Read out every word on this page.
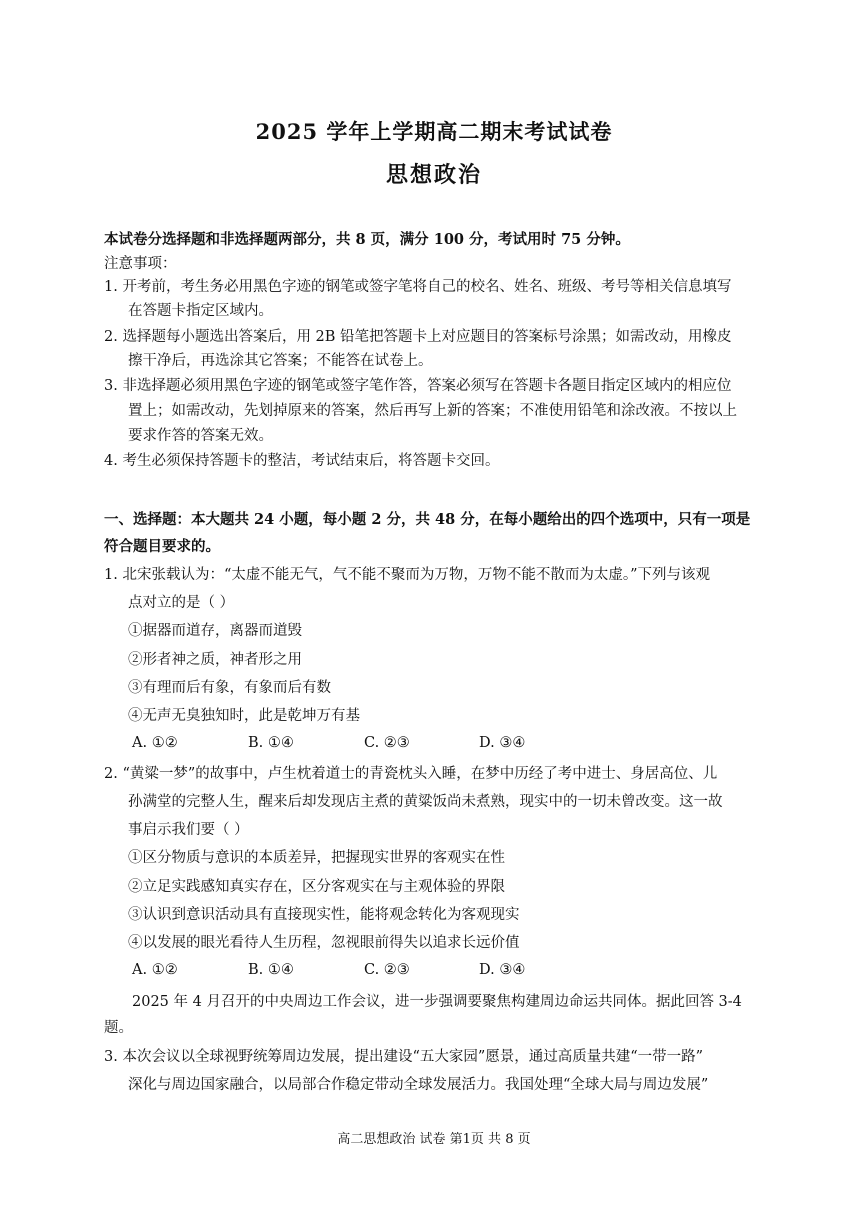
2025 学年上学期高二期末考试试卷
思想政治
本试卷分选择题和非选择题两部分，共 8 页，满分 100 分，考试用时 75 分钟。
注意事项：
1. 开考前，考生务必用黑色字迹的钢笔或签字笔将自己的校名、姓名、班级、考号等相关信息填写
在答题卡指定区域内。
2. 选择题每小题选出答案后，用 2B 铅笔把答题卡上对应题目的答案标号涂黑；如需改动，用橡皮
擦干净后，再选涂其它答案；不能答在试卷上。
3. 非选择题必须用黑色字迹的钢笔或签字笔作答，答案必须写在答题卡各题目指定区域内的相应位
置上；如需改动，先划掉原来的答案，然后再写上新的答案；不准使用铅笔和涂改液。不按以上
要求作答的答案无效。
4. 考生必须保持答题卡的整洁，考试结束后，将答题卡交回。
一、选择题：本大题共 24 小题，每小题 2 分，共 48 分，在每小题给出的四个选项中，只有一项是
符合题目要求的。
1. 北宋张载认为：“太虚不能无气，气不能不聚而为万物，万物不能不散而为太虚。”下列与该观
点对立的是（ ）
①据器而道存，离器而道毁
②形者神之质，神者形之用
③有理而后有象，有象而后有数
④无声无臭独知时，此是乾坤万有基
A. ①②	B. ①④	C. ②③	D. ③④
2. “黄粱一梦”的故事中，卢生枕着道士的青瓷枕头入睡，在梦中历经了考中进士、身居高位、儿
孙满堂的完整人生，醒来后却发现店主煮的黄粱饭尚未煮熟，现实中的一切未曾改变。这一故
事启示我们要（ ）
①区分物质与意识的本质差异，把握现实世界的客观实在性
②立足实践感知真实存在，区分客观实在与主观体验的界限
③认识到意识活动具有直接现实性，能将观念转化为客观现实
④以发展的眼光看待人生历程，忽视眼前得失以追求长远价值
A. ①②	B. ①④	C. ②③	D. ③④
2025 年 4 月召开的中央周边工作会议，进一步强调要聚焦构建周边命运共同体。据此回答 3-4
题。
3. 本次会议以全球视野统筹周边发展，提出建设“五大家园”愿景，通过高质量共建“一带一路”
深化与周边国家融合，以局部合作稳定带动全球发展活力。我国处理“全球大局与周边发展”
高二思想政治 试卷 第1页 共 8 页
